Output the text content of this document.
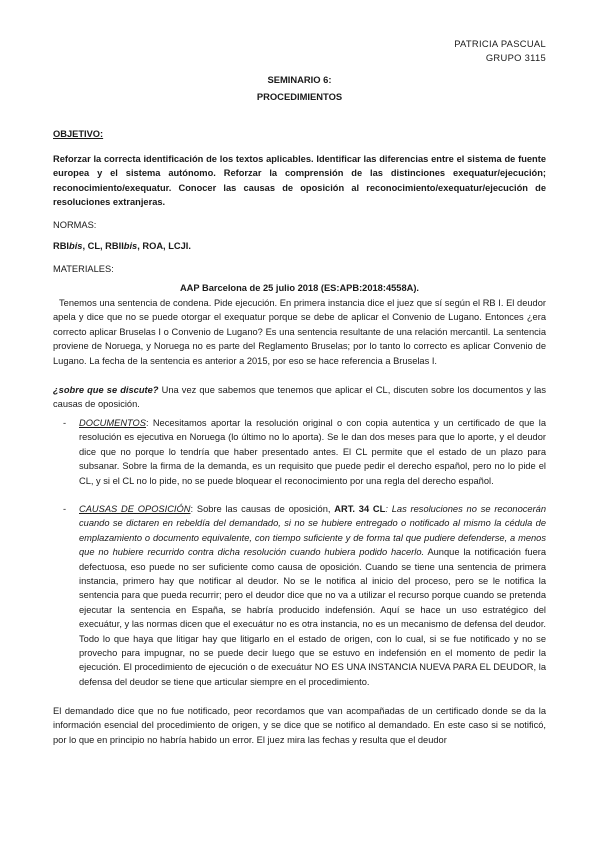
PATRICIA PASCUAL
GRUPO 3115
SEMINARIO 6:
PROCEDIMIENTOS
OBJETIVO:
Reforzar la correcta identificación de los textos aplicables. Identificar las diferencias entre el sistema de fuente europea y el sistema autónomo. Reforzar la comprensión de las distinciones exequatur/ejecución; reconocimiento/exequatur. Conocer las causas de oposición al reconocimiento/exequatur/ejecución de resoluciones extranjeras.
NORMAS:
RBIbis, CL, RBIIbis, ROA, LCJI.
MATERIALES:
AAP Barcelona de 25 julio 2018 (ES:APB:2018:4558A).
Tenemos una sentencia de condena. Pide ejecución. En primera instancia dice el juez que sí según el RB I. El deudor apela y dice que no se puede otorgar el exequatur porque se debe de aplicar el Convenio de Lugano. Entonces ¿era correcto aplicar Bruselas I o Convenio de Lugano? Es una sentencia resultante de una relación mercantil. La sentencia proviene de Noruega, y Noruega no es parte del Reglamento Bruselas; por lo tanto lo correcto es aplicar Convenio de Lugano. La fecha de la sentencia es anterior a 2015, por eso se hace referencia a Bruselas I.
¿sobre que se discute? Una vez que sabemos que tenemos que aplicar el CL, discuten sobre los documentos y las causas de oposición.
- DOCUMENTOS: Necesitamos aportar la resolución original o con copia autentica y un certificado de que la resolución es ejecutiva en Noruega (lo último no lo aporta). Se le dan dos meses para que lo aporte, y el deudor dice que no porque lo tendría que haber presentado antes. El CL permite que el estado de un plazo para subsanar. Sobre la firma de la demanda, es un requisito que puede pedir el derecho español, pero no lo pide el CL, y si el CL no lo pide, no se puede bloquear el reconocimiento por una regla del derecho español.
- CAUSAS DE OPOSICIÓN: Sobre las causas de oposición, ART. 34 CL: Las resoluciones no se reconocerán cuando se dictaren en rebeldía del demandado, si no se hubiere entregado o notificado al mismo la cédula de emplazamiento o documento equivalente, con tiempo suficiente y de forma tal que pudiere defenderse, a menos que no hubiere recurrido contra dicha resolución cuando hubiera podido hacerlo. Aunque la notificación fuera defectuosa, eso puede no ser suficiente como causa de oposición. Cuando se tiene una sentencia de primera instancia, primero hay que notificar al deudor. No se le notifica al inicio del proceso, pero se le notifica la sentencia para que pueda recurrir; pero el deudor dice que no va a utilizar el recurso porque cuando se pretenda ejecutar la sentencia en España, se habría producido indefensión. Aquí se hace un uso estratégico del execuátur, y las normas dicen que el execuátur no es otra instancia, no es un mecanismo de defensa del deudor. Todo lo que haya que litigar hay que litigarlo en el estado de origen, con lo cual, si se fue notificado y no se provecho para impugnar, no se puede decir luego que se estuvo en indefensión en el momento de pedir la ejecución. El procedimiento de ejecución o de execuátur NO ES UNA INSTANCIA NUEVA PARA EL DEUDOR, la defensa del deudor se tiene que articular siempre en el procedimiento.
El demandado dice que no fue notificado, peor recordamos que van acompañadas de un certificado donde se da la información esencial del procedimiento de origen, y se dice que se notifico al demandado. En este caso si se notificó, por lo que en principio no habría habido un error. El juez mira las fechas y resulta que el deudor
